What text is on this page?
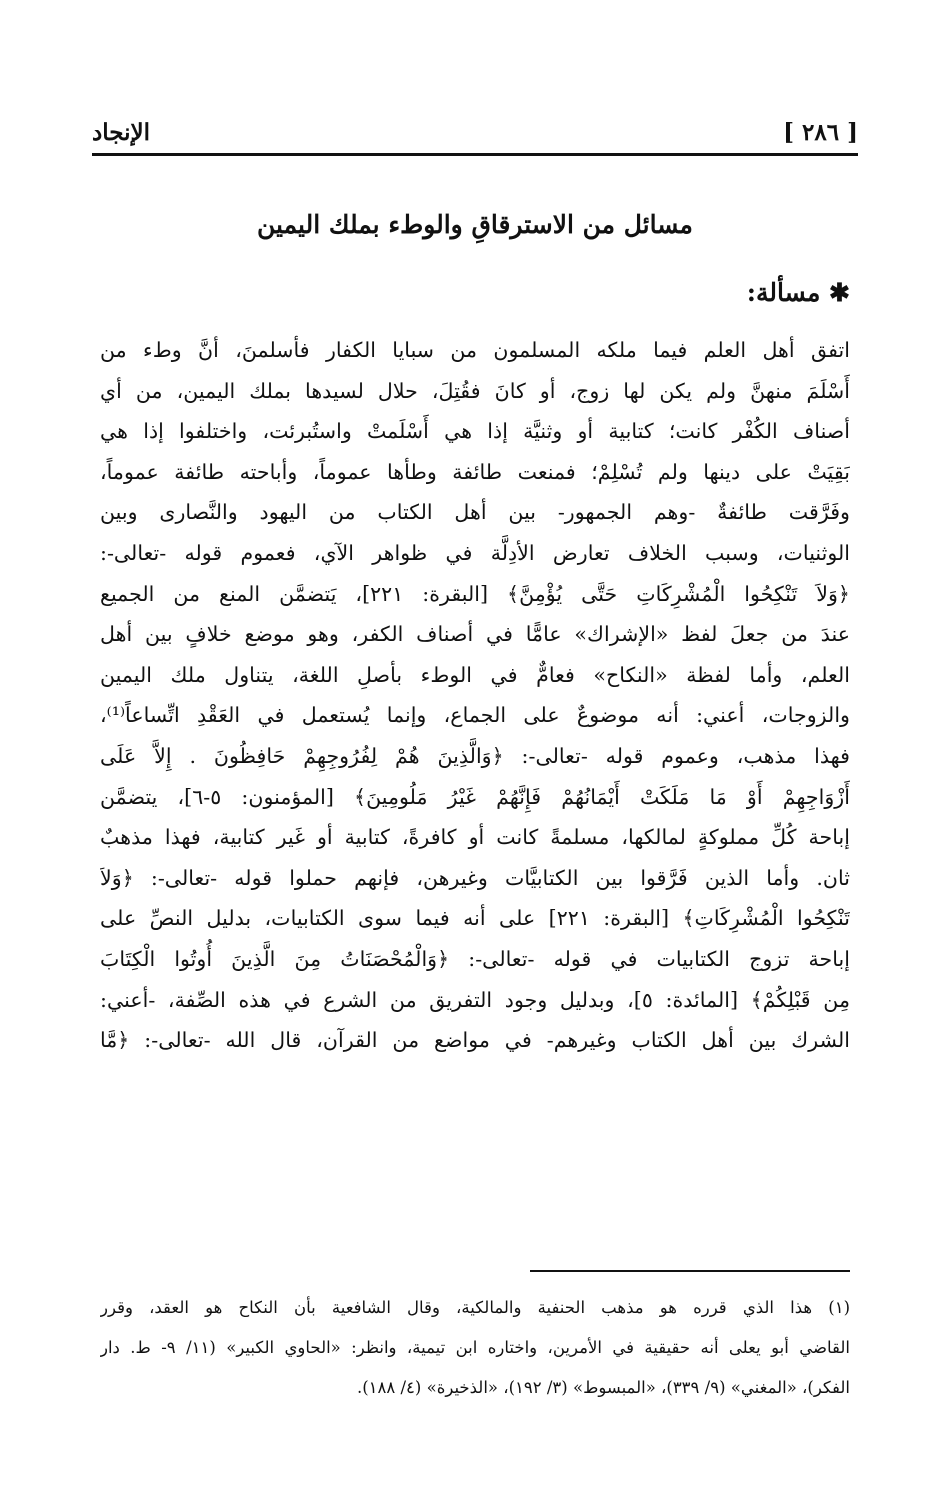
[ ٢٨٦ ]
الإنجاد
مسائل من الاسترقاقِ والوطء بملك اليمين
✱ مسألة:
اتفق أهل العلم فيما ملكه المسلمون من سبايا الكفار فأسلمنَ، أنَّ وطء من
أَسْلَمَ منهنَّ ولم يكن لها زوج، أو كانَ فقُتِلَ، حلال لسيدها بملك اليمين، من أي
أصناف الكُفْر كانت؛ كتابية أو وثنيَّة إذا هي أَسْلَمتْ واستُبرئت، واختلفوا إذا هي
بَقِيَتْ على دينها ولم تُسْلِمْ؛ فمنعت طائفة وطأها عموماً، وأباحته طائفة عموماً،
وفَرَّقت طائفةٌ -وهم الجمهور- بين أهل الكتاب من اليهود والنَّصارى وبين
الوثنيات، وسبب الخلاف تعارض الأدِلَّة في ظواهر الآي، فعموم قوله -تعالى-:
﴿وَلاَ تَنْكِحُوا الْمُشْرِكَاتِ حَتَّى يُؤْمِنَّ﴾ [البقرة: ٢٢١]، يَتضمَّن المنع من الجميع
عندَ من جعلَ لفظ «الإشراك» عامًّا في أصناف الكفر، وهو موضع خلافٍ بين أهل
العلم، وأما لفظة «النكاح» فعامٌّ في الوطء بأصلِ اللغة، يتناول ملك اليمين
والزوجات، أعني: أنه موضوعٌ على الجماع، وإنما يُستعمل في العَقْدِ اتِّساعاً⁽¹⁾،
فهذا مذهب، وعموم قوله -تعالى-: ﴿وَالَّذِينَ هُمْ لِفُرُوجِهِمْ حَافِظُونَ . إِلاَّ عَلَى
أَزْوَاجِهِمْ أَوْ مَا مَلَكَتْ أَيْمَانُهُمْ فَإِنَّهُمْ غَيْرُ مَلُومِينَ﴾ [المؤمنون: ٥-٦]، يتضمَّن
إباحة كُلِّ مملوكةٍ لمالكها، مسلمةً كانت أو كافرةً، كتابية أو غَير كتابية، فهذا مذهبٌ
ثان. وأما الذين فَرَّقوا بين الكتابيَّات وغيرهن، فإنهم حملوا قوله -تعالى-: ﴿وَلاَ
تَنْكِحُوا الْمُشْرِكَاتِ﴾ [البقرة: ٢٢١] على أنه فيما سوى الكتابيات، بدليل النصِّ على
إباحة تزوج الكتابيات في قوله -تعالى-: ﴿وَالْمُحْصَنَاتُ مِنَ الَّذِينَ أُوتُوا الْكِتَابَ
مِن قَبْلِكُمْ﴾ [المائدة: ٥]، وبدليل وجود التفريق من الشرع في هذه الصِّفة، -أعني:
الشرك بين أهل الكتاب وغيرهم- في مواضع من القرآن، قال الله -تعالى-: ﴿مَّا
(١) هذا الذي قرره هو مذهب الحنفية والمالكية، وقال الشافعية بأن النكاح هو العقد، وقرر
القاضي أبو يعلى أنه حقيقية في الأمرين، واختاره ابن تيمية، وانظر: «الحاوي الكبير» (١١/ ٩- ط. دار
الفكر)، «المغني» (٩/ ٣٣٩)، «المبسوط» (٣/ ١٩٢)، «الذخيرة» (٤/ ١٨٨).
